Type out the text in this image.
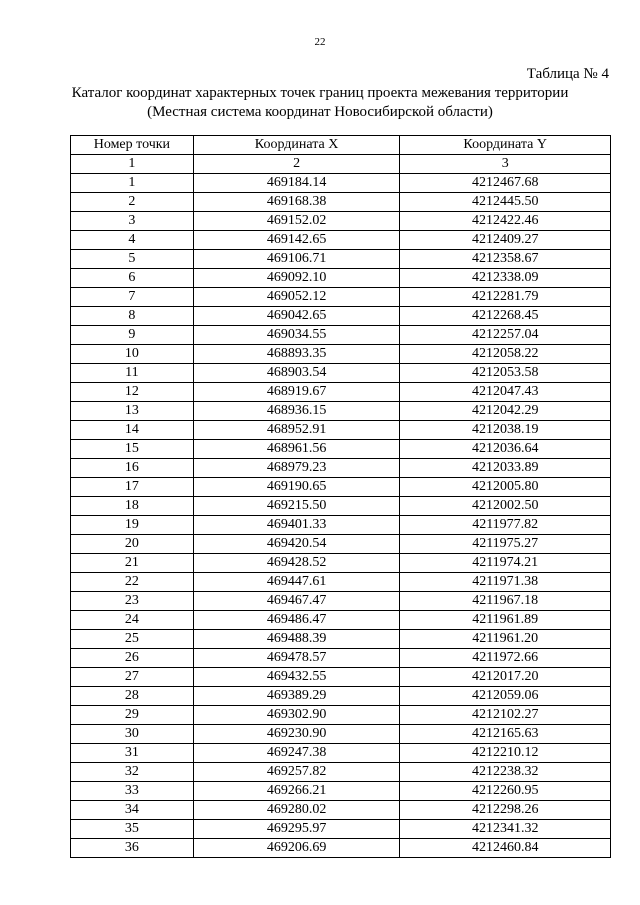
22
Таблица № 4
Каталог координат характерных точек границ проекта межевания территории
(Местная система координат Новосибирской области)
Номер точки	Координата X	Координата Y
1	2	3
1	469184.14	4212467.68
2	469168.38	4212445.50
3	469152.02	4212422.46
4	469142.65	4212409.27
5	469106.71	4212358.67
6	469092.10	4212338.09
7	469052.12	4212281.79
8	469042.65	4212268.45
9	469034.55	4212257.04
10	468893.35	4212058.22
11	468903.54	4212053.58
12	468919.67	4212047.43
13	468936.15	4212042.29
14	468952.91	4212038.19
15	468961.56	4212036.64
16	468979.23	4212033.89
17	469190.65	4212005.80
18	469215.50	4212002.50
19	469401.33	4211977.82
20	469420.54	4211975.27
21	469428.52	4211974.21
22	469447.61	4211971.38
23	469467.47	4211967.18
24	469486.47	4211961.89
25	469488.39	4211961.20
26	469478.57	4211972.66
27	469432.55	4212017.20
28	469389.29	4212059.06
29	469302.90	4212102.27
30	469230.90	4212165.63
31	469247.38	4212210.12
32	469257.82	4212238.32
33	469266.21	4212260.95
34	469280.02	4212298.26
35	469295.97	4212341.32
36	469206.69	4212460.84
